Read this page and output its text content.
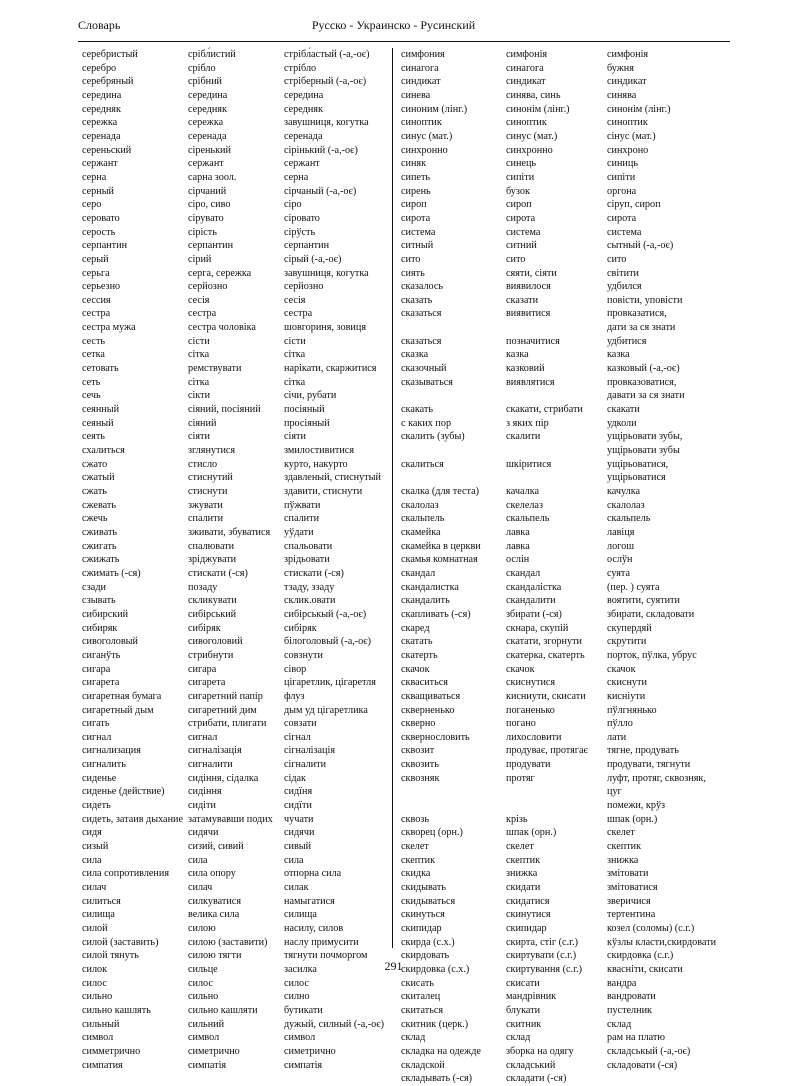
Словарь	Русско - Украинско - Русинский
серебристый
серебро
серебряный
середина
середняк
сережка
серенада
сереньский
сержант
серна
серный
серо
серовато
серость
серпантин
серый
серьга
серьезно
сессия
сестра
сестра мужа
сесть
сетка
сетовать
сеть
сечь
сеянный
сеяный
сеять
схалиться
сжато
сжатый
сжать
сжевать
сжечь
сживать
сжигать
сжижать
сжимать (-ся)
сзади
сзывать
сибирский
сибиряк
сивоголовый
сиганўть
сигара
сигарета
сигаретная бумага
сигаретный дым
сигать
сигнал
сигнализация
сигналить
сиденье
сиденье (действие)
сидеть
сидеть, затаив дыхание
сидя
сизый
сила
сила сопротивления
силач
силиться
силища
силой
силой (заставить)
силой тянуть
силок
силос
сильно
сильно кашлять
сильный
символ
симметрично
симпатия
срібл́истий
срібло
срібний
середина
середняк
сережка
серенада
сіренький
сержант
сарна зоол.
сірчаний
сіро, сиво
сірувато
сірість
серпантин
сірий
серга, сережка
серйозно
сесія
сестра
сестра чоловіка
сісти
сітка
ремствувати
сітка
сікти
сіяний, посіяний
сіяний
сіяти
зглянутися
стисло
стиснутий
стиснути
зжувати
спалити
зживати, збуватися
спалювати
зріджувати
стискати (-ся)
позаду
скликувати
сибірський
сибіряк
сивоголовий
стрибнути
сигара
сигарета
сигаретний папір
сигаретний дим
стрибати, плигати
сигнал
сигналізація
сигналити
сидіння, сідалка
сидіння
сидіти
затамувавши подих
сидячи
сизий, сивий
сила
сила опору
силач
силкуватися
велика сила
силою
силою (заставити)
силою тягти
сильце
силос
сильно
сильно кашляти
сильний
символ
симетрично
симпатія
стрібл́астый (-а,-оє)
стрібло
стріберный (-а,-оє)
середина
середняк
завушниця, когутка
серенада
сірінький (-а,-оє)
сержант
серна
сірчаный (-а,-оє)
сіро
сіровато
сірўсть
серпантин
сірый (-а,-оє)
завушниця, когутка
серйозно
сесія
сестра
шовгориня, зовиця
сісти
сітка
нарікати, скаржитися
сітка
січи, рубати
посіяный
просіяный
сіяти
змилостивитися
курто, накурто
здавленый, стиснутый
здавити, стиснути
пўжвати
спалити
уўдати
спальовати
зрідьовати
стискати (-ся)
тзаду, ззаду
склик.овати
сибірськый (-а,-оє)
сибіряк
білоголовый (-а,-оє)
совзнути
сівор
цігаретлик, цігаретля
флуз
дым уд цігаретлика
совзати
сігнал
сігналізація
сігналити
сідак
сидїня
сидїти
чучати
сидячи
сивый
сила
отпорна сила
силак
намыгатися
силища
насилу, силов
наслу примусити
тягнути почморгом
засилка
силос
силно
бутикати
дужый, силный (-а,-оє)
символ
симетрично
симпатія
симфония
синагога
синдикат
синева
синоним (лінг.)
синоптик
синус (мат.)
синхронно
синяк
сипеть
сирень
сироп
сирота
система
ситный
сито
сиять
сказалось
сказать
сказаться
сказаться
сказка
сказочный
сказываться
скакать
с каких пор
скалить (зубы)
скалиться
скалка (для теста)
скалолаз
скальпель
скамейка
скамейка в церкви
скамья комнатная
скандал
скандалистка
скандалить
скапливать (-ся)
скаред
скатать
скатерть
скачок
скваситься
скващиваться
скверненько
скверно
сквернословить
сквозит
сквозить
сквозняк
сквозь
скворец (орн.)
скелет
скептик
скидка
скидывать
скидываться
скинуться
скипидар
скирда (с.х.)
скирдовать
скирдовка (с.х.)
скисать
скиталец
скитаться
скитник (церк.)
склад
складка на одежде
складской
складывать (-ся)
симфонія
синагога
синдикат
синява, синь
синонім (лінг.)
синоптик
синус (мат.)
синхронно
синець
сипіти
бузок
сироп
сирота
система
ситний
сито
сяяти, сіяти
виявилося
сказати
виявитися
позначитися
казка
казковий
виявлятися
скакати, стрибати
з яких пір
скалити
шкіритися
качалка
скелелаз
скальпель
лавка
лавка
ослін
скандал
скандалістка
скандалити
збирати (-ся)
скнара, скупій
скатати, згорнути
скатерка, скатерть
скачок
скиснутися
кисниути, скисати
поганенько
погано
лихословити
продуває, протягає
продувати
протяг
крізь
шпак (орн.)
скелет
скептик
знижка
скидати
скидатися
скинутися
скипидар
скирта, стіг (с.г.)
скиртувати (с.г.)
скиртування (с.г.)
скисати
мандрівник
блукати
скитник
склад
зборка на одягу
складський
складати (-ся)
симфонія
бужня
синдикат
синява
синонім (лінг.)
синоптик
сінус (мат.)
синхроно
синиць
сипіти
оргона
сіруп, сироп
сирота
система
сытный (-а,-оє)
сито
світити
удбился
повісти, уповісти
провказатися,
дати за ся знати
удбитися
казка
казковый (-а,-оє)
провказоватися,
давати за ся знати
скакати
удколи
ущірьовати зубы,
ущірьовати зубы
ущірьоватися,
ущірьоватися
качулка
скалолаз
скальпель
лавіця
логош
ослўн
суята
(пер. ) суята
воятити, суятити
збирати, складовати
скупердяй
скрутити
порток, пўлка, убрус
скачок
скиснути
кисніути
пўлгнянько
пўлло
лати
тягне, продувать
продувати, тягнути
луфт, протяг, сквозняк,
цуг
помежи, крўз
шпак (орн.)
скелет
скептик
знижка
змітовати
змітоватися
зверичися
тертентина
козел (соломы) (с.г.)
кўзлы класти,скирдовати
скирдовка (с.г.)
квасніти, скисати
вандра
вандровати
пустелник
склад
рам на платю
складськый (-а,-оє)
складовати (-ся)
291
